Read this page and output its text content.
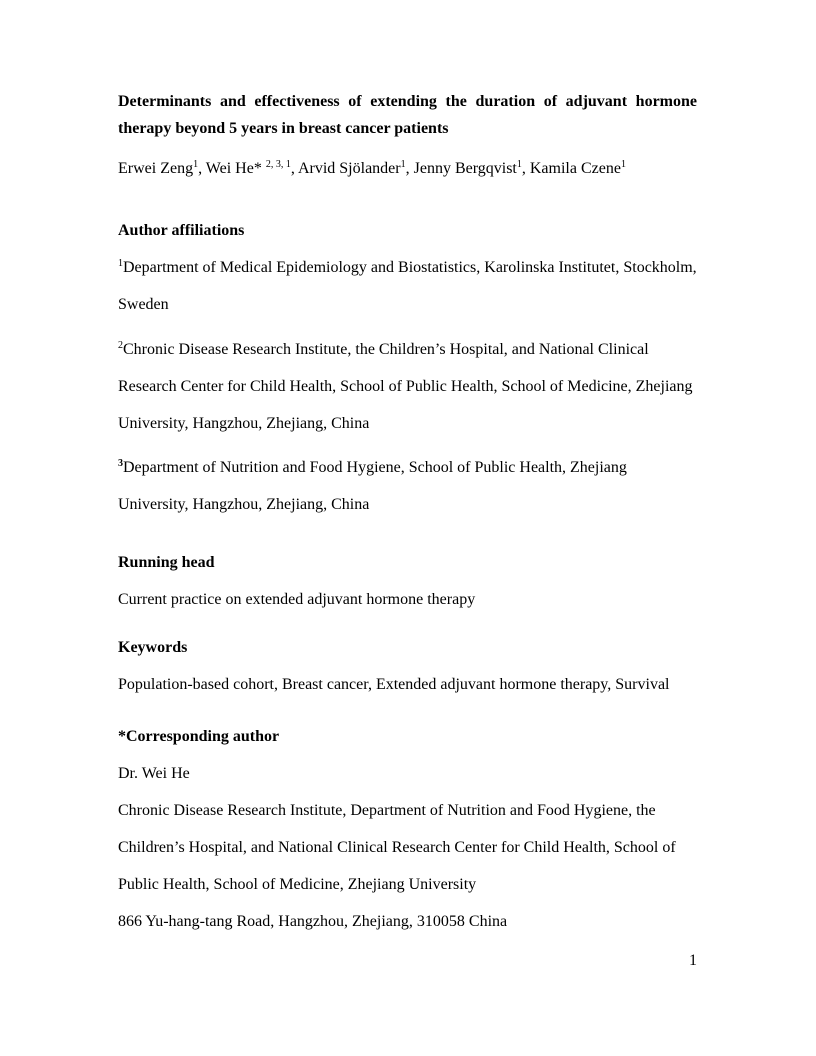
Determinants and effectiveness of extending the duration of adjuvant hormone
therapy beyond 5 years in breast cancer patients

Erwei Zeng$^1$, Wei He* $^{2, 3, 1}$, Arvid Sjölander$^1$, Jenny Bergqvist$^1$, Kamila Czene$^1$

Author affiliations

$^1$Department of Medical Epidemiology and Biostatistics, Karolinska Institutet, Stockholm, Sweden

$^2$Chronic Disease Research Institute, the Children’s Hospital, and National Clinical Research Center for Child Health, School of Public Health, School of Medicine, Zhejiang University, Hangzhou, Zhejiang, China

$^3$Department of Nutrition and Food Hygiene, School of Public Health, Zhejiang University, Hangzhou, Zhejiang, China

Running head

Current practice on extended adjuvant hormone therapy

Keywords

Population-based cohort, Breast cancer, Extended adjuvant hormone therapy, Survival

*Corresponding author

Dr. Wei He

Chronic Disease Research Institute, Department of Nutrition and Food Hygiene, the Children’s Hospital, and National Clinical Research Center for Child Health, School of Public Health, School of Medicine, Zhejiang University

866 Yu-hang-tang Road, Hangzhou, Zhejiang, 310058 China

1
